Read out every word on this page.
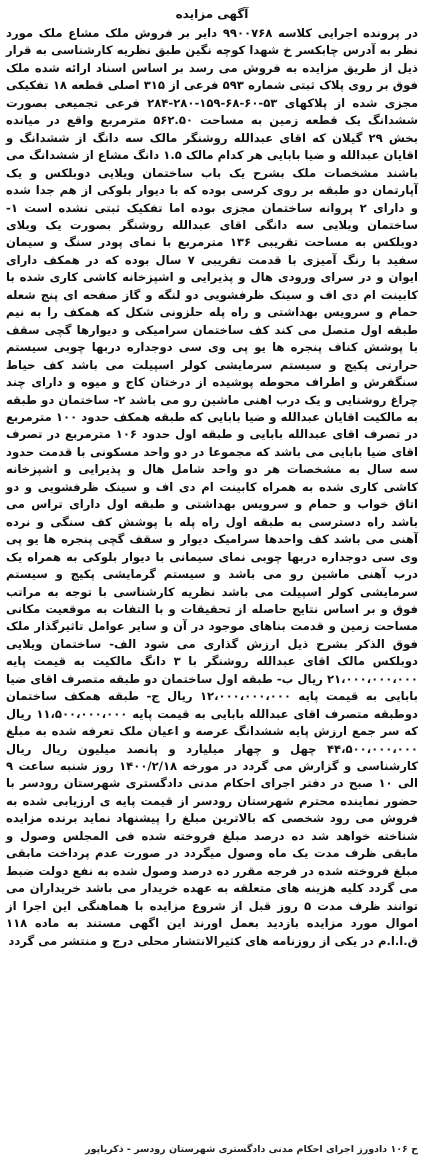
آگهی مزایده

در پرونده اجرایی کلاسه ۹۹۰۰۷۶۸ دایر بر فروش ملک مشاع ملک مورد نظر به آدرس چابکسر خ شهدا کوچه نگین طبق نظریه کارشناسی به قرار ذیل از طریق مزایده به فروش می رسد بر اساس اسناد ارائه شده ملک فوق بر روی پلاک ثبتی شماره ۵۹۳ فرعی از ۳۱۵ اصلی قطعه ۱۸ تفکیکی مجزی شده از پلاکهای ۵۳-۶۰-۶۸-۱۵۹-۲۸۰-۲۸۴ فرعی تجمیعی بصورت ششدانگ یک قطعه زمین به مساحت ۵۶۲.۵۰ مترمربع واقع در میانده بخش ۲۹ گیلان که اقای عبدالله روشنگر مالک سه دانگ از ششدانگ و اقایان عبدالله و ضیا بابایی هر کدام مالک ۱.۵ دانگ مشاع از ششدانگ می باشند مشخصات ملک بشرح یک باب ساختمان ویلایی دوبلکس و یک آپارتمان دو طبقه بر روی کرسی بوده که با دیوار بلوکی از هم جدا شده و دارای ۲ پروانه ساختمان مجزی بوده اما تفکیک ثبتی نشده است ۱- ساختمان ویلایی سه دانگی اقای عبدالله روشنگر بصورت یک ویلای دوبلکس به مساحت تقریبی ۱۳۶ مترمربع با نمای پودر سنگ و سیمان سفید با رنگ آمیزی با قدمت تقریبی ۷ سال بوده که در همکف دارای ایوان و در سرای ورودی هال و پذیرایی و اشپزخانه کاشی کاری شده با کابینت ام دی اف و سینک ظرفشویی دو لنگه و گاز صفحه ای پنج شعله حمام و سرویس بهداشتی و راه پله حلزونی شکل که همکف را به نیم طبقه اول متصل می کند کف ساختمان سرامیکی و دیوارها گچی سقف با پوشش کناف پنجره ها یو پی وی سی دوجداره دربها چوبی سیستم حرارتی پکیج و سیستم سرمایشی کولر اسپیلت می باشد کف حیاط سنگفرش و اطراف محوطه پوشیده از درختان کاج و میوه و دارای چند چراغ روشنایی و یک درب اهنی ماشین رو می باشد ۲- ساختمان دو طبقه به مالکیت اقایان عبدالله و ضیا بابایی که طبقه همکف حدود ۱۰۰ مترمربع در تصرف اقای عبدالله بابایی و طبقه اول حدود ۱۰۶ مترمربع در تصرف اقای ضیا بابایی می باشد که مجموعا در دو واحد مسکونی با قدمت حدود سه سال به مشخصات هر دو واحد شامل هال و پذیرایی و اشپزخانه کاشی کاری شده به همراه کابینت ام دی اف و سینک ظرفشویی و دو اتاق خواب و حمام و سرویس بهداشتی و طبقه اول دارای تراس می باشد راه دسترسی به طبقه اول راه پله با پوشش کف سنگی و نرده آهنی می باشد کف واحدها سرامیک دیوار و سقف گچی پنجره ها یو پی وی سی دوجداره دربها چوبی نمای سیمانی با دیوار بلوکی به همراه یک درب آهنی ماشین رو می باشد و سیستم گرمایشی پکیج و سیستم سرمایشی کولر اسپیلت می باشد نظریه کارشناسی با توجه به مراتب فوق و بر اساس نتایج حاصله از تحقیقات و با التفات به موقعیت مکانی مساحت زمین و قدمت بناهای موجود در آن و سایر عوامل تاثیرگذار ملک فوق الذکر بشرح ذیل ارزش گذاری می شود الف- ساختمان ویلایی دوبلکس مالک اقای عبدالله روشنگر با ۳ دانگ مالکیت به قیمت پایه ۲۱،۰۰۰،۰۰۰،۰۰۰ ریال ب- طبقه اول ساختمان دو طبقه متصرف اقای ضیا بابایی به قیمت پایه ۱۲،۰۰۰،۰۰۰،۰۰۰ ریال ج- طبقه همکف ساختمان دوطبقه متصرف اقای عبدالله بابایی به قیمت پایه ۱۱،۵۰۰،۰۰۰،۰۰۰ ریال که سر جمع ارزش پایه ششدانگ عرصه و اعیان ملک تعرفه شده به مبلغ ۴۴،۵۰۰،۰۰۰،۰۰۰ چهل و چهار میلیارد و پانصد میلیون ریال ریال کارشناسی و گزارش می گردد در مورخه ۱۴۰۰/۲/۱۸ روز شنبه ساعت ۹ الی ۱۰ صبح در دفتر اجرای احکام مدنی دادگستری شهرستان رودسر با حضور نماینده محترم شهرستان رودسر از قیمت پایه ی ارزیابی شده به فروش می رود شخصی که بالاترین مبلغ را پیشنهاد نماید برنده مزایده شناخته خواهد شد ده درصد مبلغ فروخته شده فی المجلس وصول و مابقی ظرف مدت یک ماه وصول میگردد در صورت عدم پرداخت مابقی مبلغ فروخته شده در فرجه مقرر ده درصد وصول شده به نفع دولت ضبط می گردد کلیه هزینه های متعلقه به عهده خریدار می باشد خریداران می توانند ظرف مدت ۵ روز قبل از شروع مزایده با هماهنگی این اجرا از اموال مورد مزایده بازدید بعمل اورند این اگهی مستند به ماده ۱۱۸ ق.ا.ا.م در یکی از روزنامه های کثیرالانتشار محلی درج و منتشر می گردد

ح ۱۰۶ دادورز اجرای احکام مدنی دادگستری شهرستان رودسر - ذکریاپور
